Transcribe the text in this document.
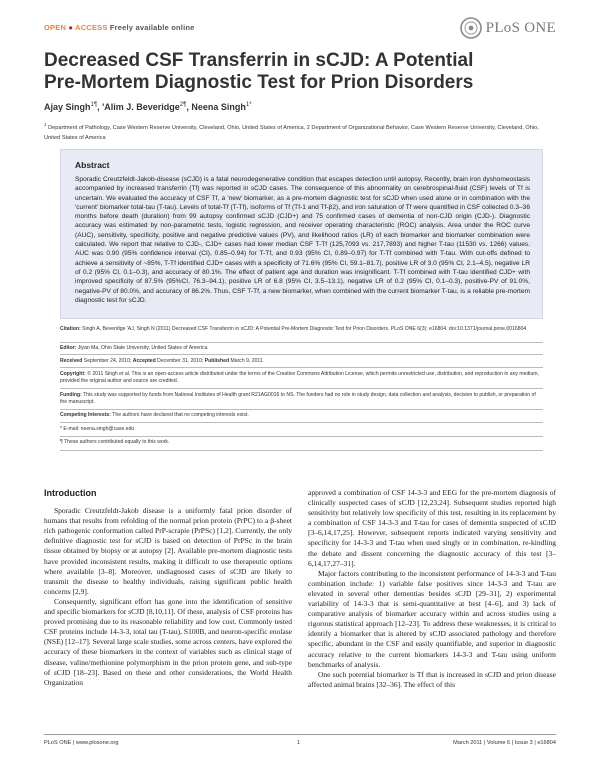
OPEN ● ACCESS Freely available online	PLoS ONE
Decreased CSF Transferrin in sCJD: A Potential
Pre-Mortem Diagnostic Test for Prion Disorders
Ajay Singh$^{1\P}$, 'Alim J. Beveridge$^{2\P}$, Neena Singh$^{1*}$
$^1$ Department of Pathology, Case Western Reserve University, Cleveland, Ohio, United States of America, 2 Department of Organizational Behavior, Case Western Reserve University, Cleveland, Ohio, United States of America
Abstract
Sporadic Creutzfeldt-Jakob-disease (sCJD) is a fatal neurodegenerative condition that escapes detection until autopsy. Recently, brain iron dyshomeostasis accompanied by increased transferrin (Tf) was reported in sCJD cases. The consequence of this abnormality on cerebrospinal-fluid (CSF) levels of Tf is uncertain. We evaluated the accuracy of CSF Tf, a 'new' biomarker, as a pre-mortem diagnostic test for sCJD when used alone or in combination with the 'current' biomarker total-tau (T-tau). Levels of total-Tf (T-Tf), isoforms of Tf (Tf-1 and Tf-β2), and iron saturation of Tf were quantified in CSF collected 0.3–36 months before death (duration) from 99 autopsy confirmed sCJD (CJD+) and 75 confirmed cases of dementia of non-CJD origin (CJD-). Diagnostic accuracy was estimated by non-parametric tests, logistic regression, and receiver operating characteristic (ROC) analysis. Area under the ROC curve (AUC), sensitivity, specificity, positive and negative predictive values (PV), and likelihood ratios (LR) of each biomarker and biomarker combination were calculated. We report that relative to CJD-, CJD+ cases had lower median CSF T-Tf (125,7093 vs. 217,7893) and higher T-tau (11530 vs. 1266) values. AUC was 0.90 (95% confidence interval (CI), 0.85–0.94) for T-Tf, and 0.93 (95% CI, 0.89–0.97) for T-Tf combined with T-tau. With cut-offs defined to achieve a sensitivity of ~85%, T-Tf identified CJD+ cases with a specificity of 71.6% (95% CI, 59.1–81.7), positive LR of 3.0 (95% CI, 2.1–4.5), negative LR of 0.2 (95% CI, 0.1–0.3), and accuracy of 80.1%. The effect of patient age and duration was insignificant. T-Tf combined with T-tau identified CJD+ with improved specificity of 87.5% (95%CI, 76.3–94.1), positive LR of 6.8 (95% CI, 3.5–13.1), negative LR of 0.2 (95% CI, 0.1–0.3), positive-PV of 91.0%, negative-PV of 80.0%, and accuracy of 86.2%. Thus, CSF T-Tf, a new biomarker, when combined with the current biomarker T-tau, is a reliable pre-mortem diagnostic test for sCJD.
Citation: Singh A, Beveridge 'AJ, Singh N (2011) Decreased CSF Transferrin in sCJD: A Potential Pre-Mortem Diagnostic Test for Prion Disorders. PLoS ONE 6(3): e16804. doi:10.1371/journal.pone.0016804
Editor: Jiyan Ma, Ohio State University, United States of America
Received September 24, 2010; Accepted December 31, 2010; Published March 9, 2011
Copyright: © 2011 Singh et al. This is an open-access article distributed under the terms of the Creative Commons Attribution License, which permits unrestricted use, distribution, and reproduction in any medium, provided the original author and source are credited.
Funding: This study was supported by funds from National Institutes of Health grant R21AG0016 to NS. The funders had no role in study design, data collection and analysis, decision to publish, or preparation of the manuscript.
Competing Interests: The authors have declared that no competing interests exist.
* E-mail: neena.singh@case.edu
¶ These authors contributed equally to this work.
Introduction

Sporadic Creutzfeldt-Jakob disease is a uniformly fatal prion disorder of humans that results from refolding of the normal prion protein (PrPC) to a β-sheet rich pathogenic conformation called PrP-scrapie (PrPSc) [1,2]. Currently, the only definitive diagnostic test for sCJD is based on detection of PrPSc in the brain tissue obtained by biopsy or at autopsy [2]. Available pre-mortem diagnostic tests have provided inconsistent results, making it difficult to use therapeutic options where available [3–8]. Moreover, undiagnosed cases of sCJD are likely to transmit the disease to healthy individuals, raising significant public health concerns [2,9].

Consequently, significant effort has gone into the identification of sensitive and specific biomarkers for sCJD [8,10,11]. Of these, analysis of CSF proteins has proved promising due to its reasonable reliability and low cost. Commonly tested CSF proteins include 14-3-3, total tau (T-tau), S100B, and neuron-specific enolase (NSE) [12–17]. Several large scale studies, some across centers, have explored the accuracy of these biomarkers in the context of variables such as clinical stage of disease, valine/methionine polymorphism in the prion protein gene, and sub-type of sCJD [18–23]. Based on these and other considerations, the World Health Organization

approved a combination of CSF 14-3-3 and EEG for the pre-mortem diagnosis of clinically suspected cases of sCJD [12,23,24]. Subsequent studies reported high sensitivity but relatively low specificity of this test, resulting in its replacement by a combination of CSF 14-3-3 and T-tau for cases of dementia suspected of sCJD [3–6,14,17,25]. However, subsequent reports indicated varying sensitivity and specificity for 14-3-3 and T-tau when used singly or in combination, re-kindling the debate and dissent concerning the diagnostic accuracy of this test [3–6,14,17,27–31].

Major factors contributing to the inconsistent performance of 14-3-3 and T-tau combination include: 1) variable false positives since 14-3-3 and T-tau are elevated in several other dementias besides sCJD [29–31], 2) experimental variability of 14-3-3 that is semi-quantitative at best [4–6], and 3) lack of comparative analysis of biomarker accuracy within and across studies using a rigorous statistical approach [12–23]. To address these weaknesses, it is critical to identify a biomarker that is altered by sCJD associated pathology and therefore specific, abundant in the CSF and easily quantifiable, and superior in diagnostic accuracy relative to the current biomarkers 14-3-3 and T-tau using uniform benchmarks of analysis.

One such potential biomarker is Tf that is increased in sCJD and prion disease affected animal brains [32–36]. The effect of this

PLoS ONE | www.plosone.org	1	March 2011 | Volume 6 | Issue 3 | e16804
